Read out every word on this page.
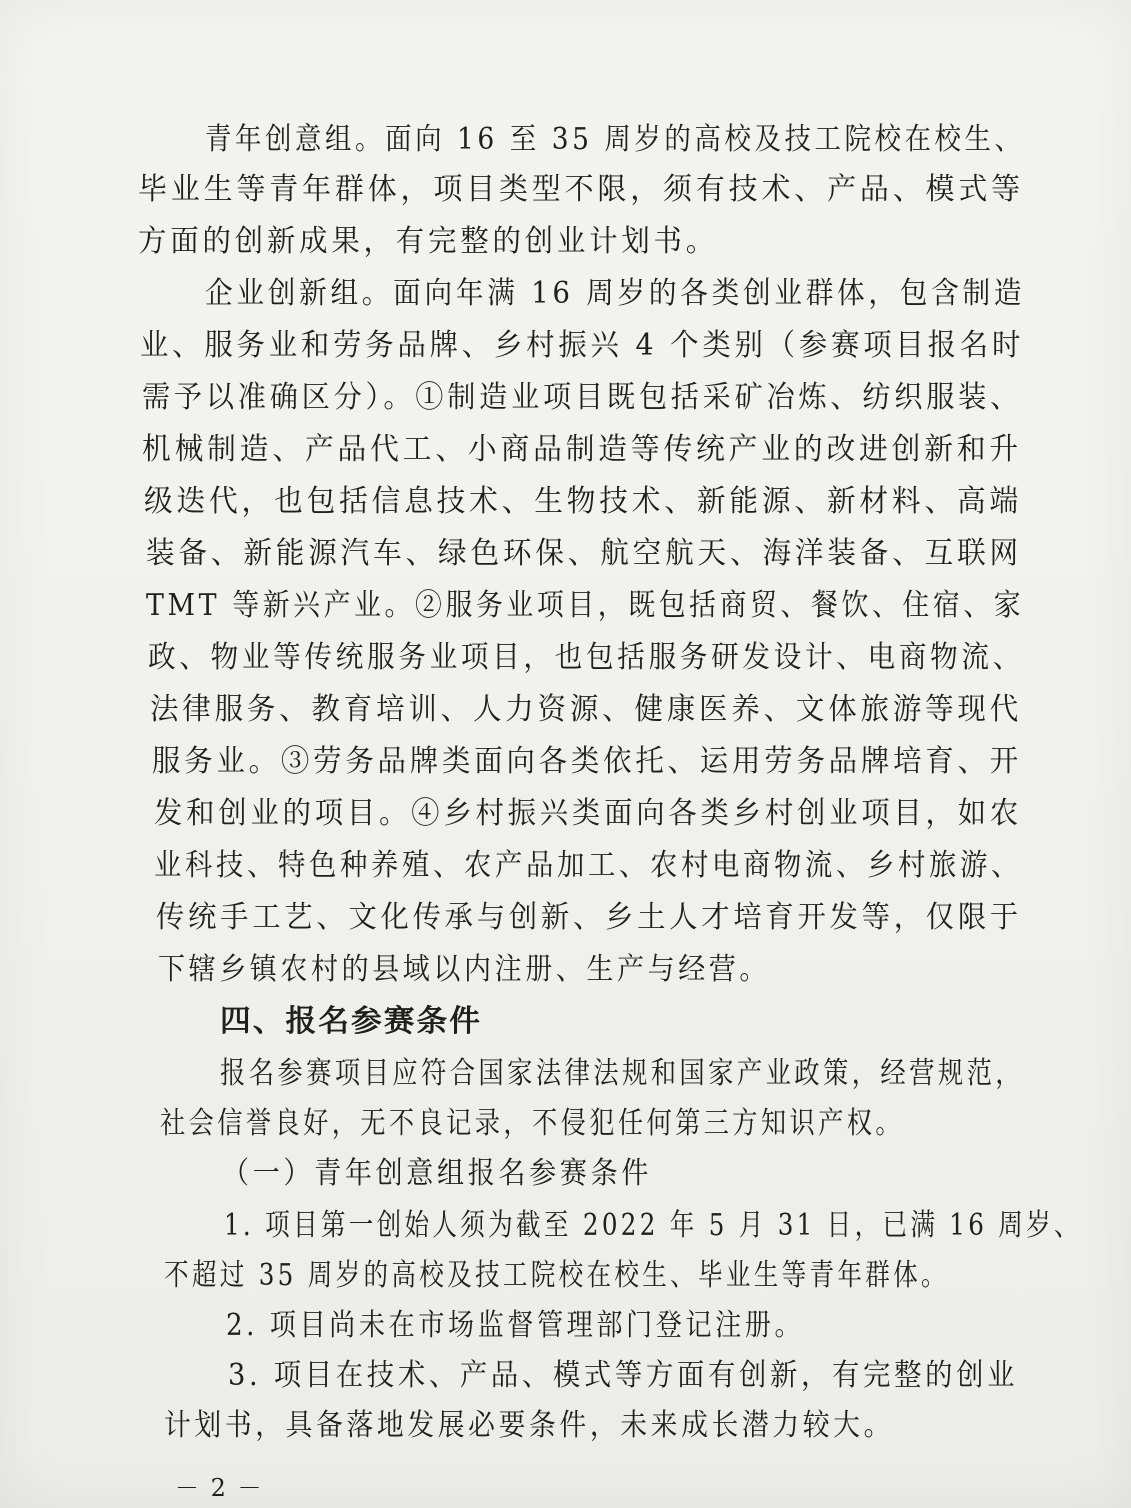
青年创意组。面向 16 至 35 周岁的高校及技工院校在校生、
毕业生等青年群体，项目类型不限，须有技术、产品、模式等
方面的创新成果，有完整的创业计划书。
企业创新组。面向年满 16 周岁的各类创业群体，包含制造
业、服务业和劳务品牌、乡村振兴 4 个类别（参赛项目报名时
需予以准确区分）。①制造业项目既包括采矿冶炼、纺织服装、
机械制造、产品代工、小商品制造等传统产业的改进创新和升
级迭代，也包括信息技术、生物技术、新能源、新材料、高端
装备、新能源汽车、绿色环保、航空航天、海洋装备、互联网
TMT 等新兴产业。②服务业项目，既包括商贸、餐饮、住宿、家
政、物业等传统服务业项目，也包括服务研发设计、电商物流、
法律服务、教育培训、人力资源、健康医养、文体旅游等现代
服务业。③劳务品牌类面向各类依托、运用劳务品牌培育、开
发和创业的项目。④乡村振兴类面向各类乡村创业项目，如农
业科技、特色种养殖、农产品加工、农村电商物流、乡村旅游、
传统手工艺、文化传承与创新、乡土人才培育开发等，仅限于
下辖乡镇农村的县域以内注册、生产与经营。
四、报名参赛条件
报名参赛项目应符合国家法律法规和国家产业政策，经营规范，
社会信誉良好，无不良记录，不侵犯任何第三方知识产权。
（一）青年创意组报名参赛条件
1. 项目第一创始人须为截至 2022 年 5 月 31 日，已满 16 周岁、
不超过 35 周岁的高校及技工院校在校生、毕业生等青年群体。
2. 项目尚未在市场监督管理部门登记注册。
3. 项目在技术、产品、模式等方面有创新，有完整的创业
计划书，具备落地发展必要条件，未来成长潜力较大。
－ 2 －
